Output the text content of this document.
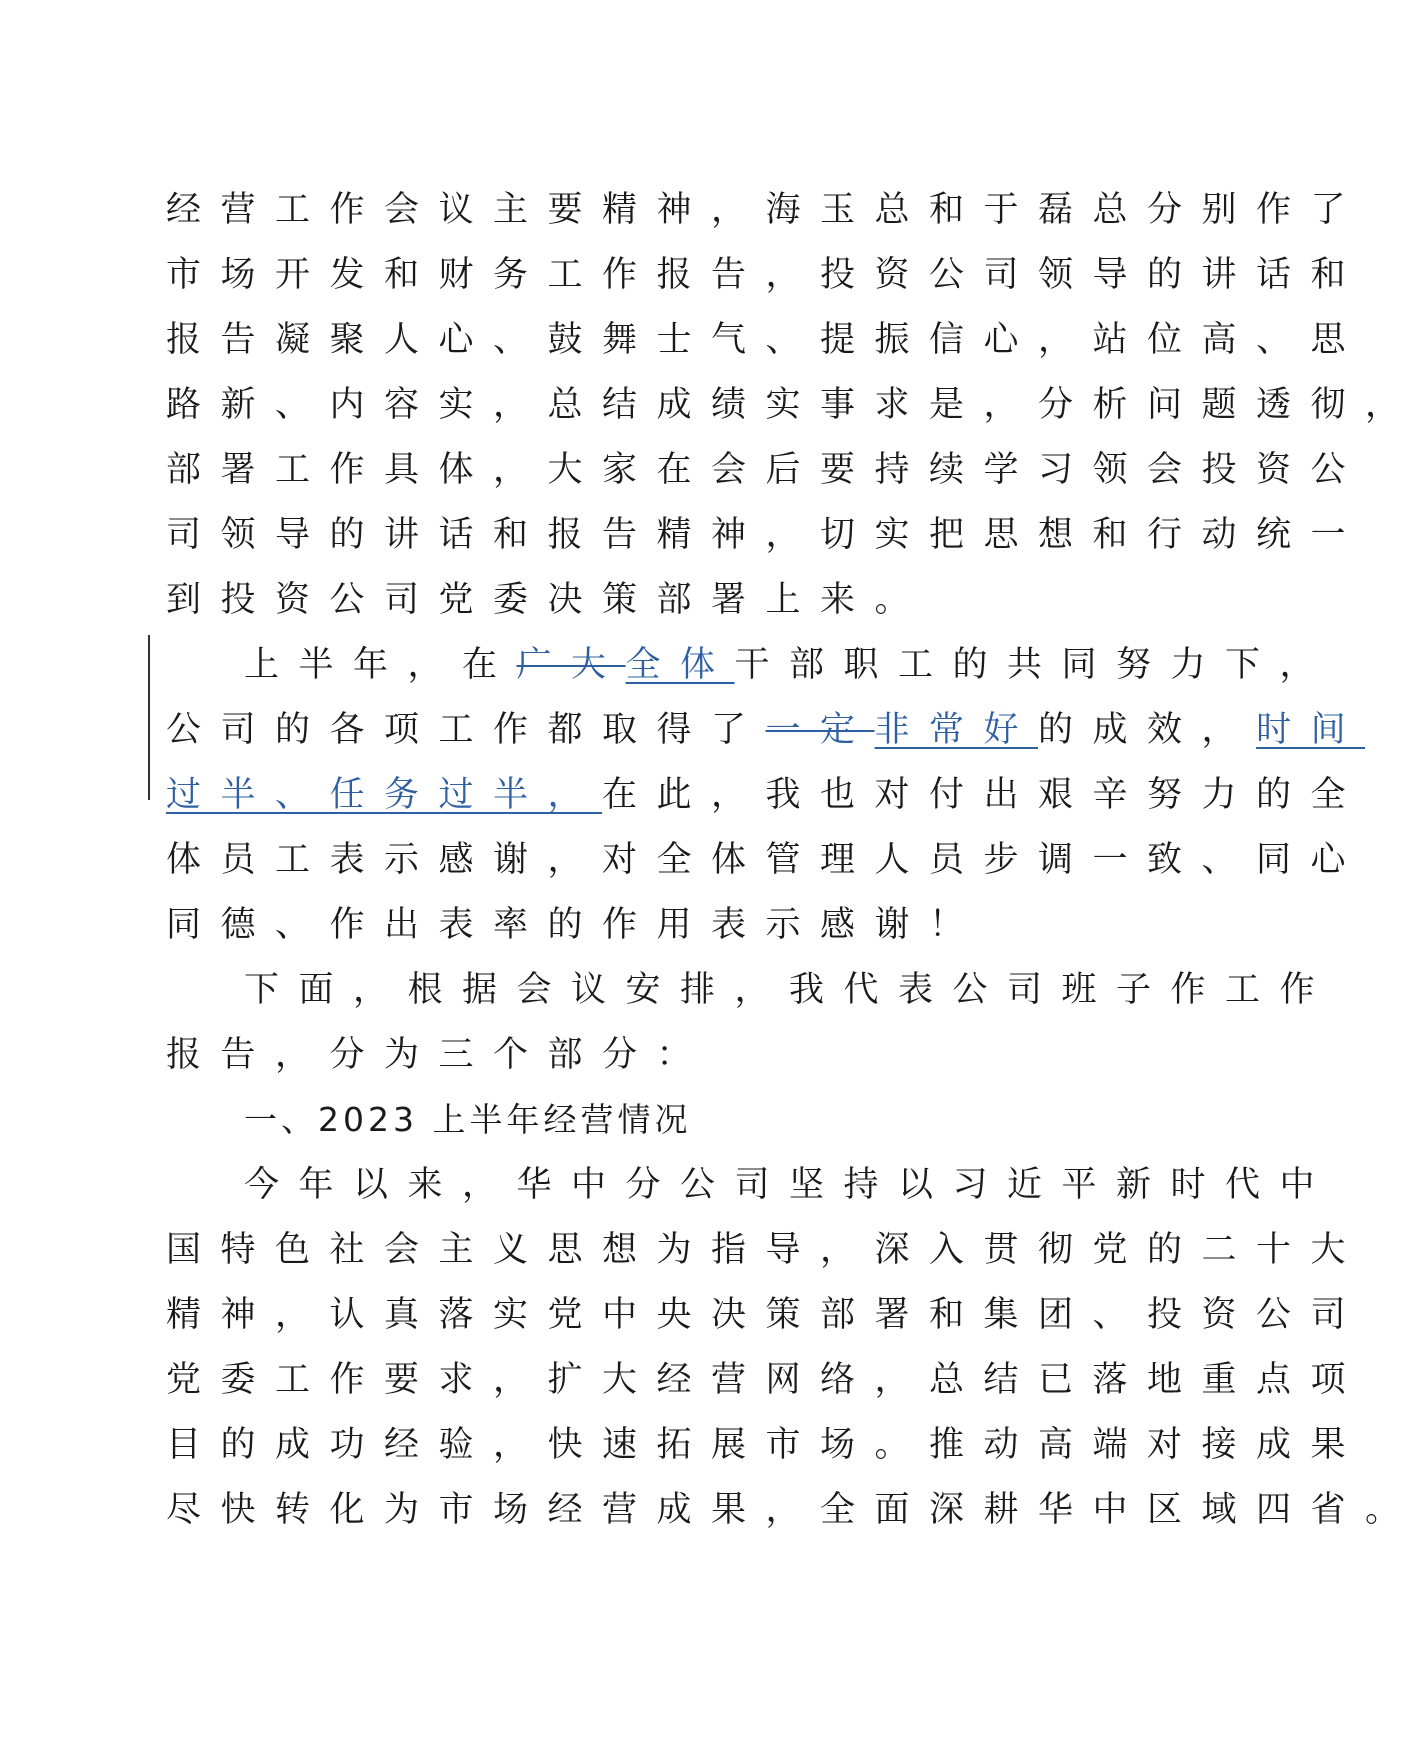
经营工作会议主要精神，海玉总和于磊总分别作了
市场开发和财务工作报告，投资公司领导的讲话和
报告凝聚人心、鼓舞士气、提振信心，站位高、思
路新、内容实，总结成绩实事求是，分析问题透彻，
部署工作具体，大家在会后要持续学习领会投资公
司领导的讲话和报告精神，切实把思想和行动统一
到投资公司党委决策部署上来。
上半年，在广大全体干部职工的共同努力下，
公司的各项工作都取得了一定非常好的成效，时间
过半、任务过半，在此，我也对付出艰辛努力的全
体员工表示感谢，对全体管理人员步调一致、同心
同德、作出表率的作用表示感谢！
下面，根据会议安排，我代表公司班子作工作
报告，分为三个部分：
一、2023 上半年经营情况
今年以来，华中分公司坚持以习近平新时代中
国特色社会主义思想为指导，深入贯彻党的二十大
精神，认真落实党中央决策部署和集团、投资公司
党委工作要求，扩大经营网络，总结已落地重点项
目的成功经验，快速拓展市场。推动高端对接成果
尽快转化为市场经营成果，全面深耕华中区域四省。
